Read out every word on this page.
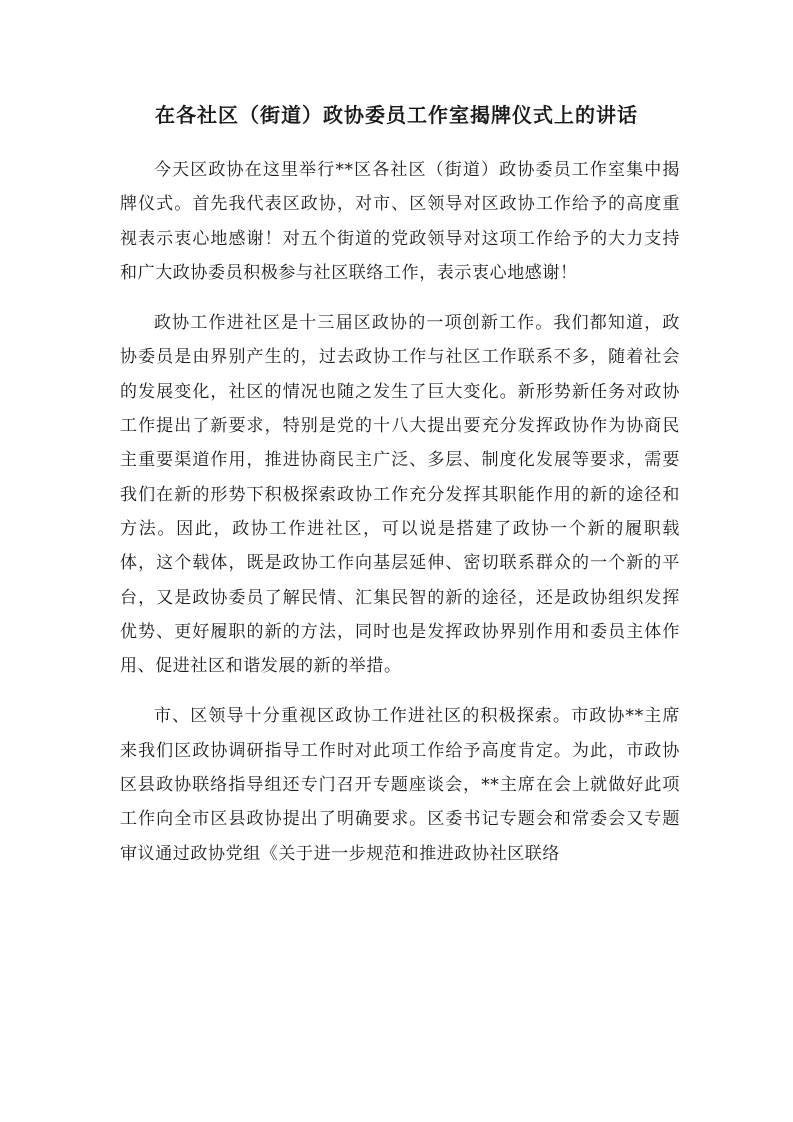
在各社区（街道）政协委员工作室揭牌仪式上的讲话

今天区政协在这里举行**区各社区（街道）政协委员工作室集中揭牌仪式。首先我代表区政协，对市、区领导对区政协工作给予的高度重视表示衷心地感谢！对五个街道的党政领导对这项工作给予的大力支持和广大政协委员积极参与社区联络工作，表示衷心地感谢！

政协工作进社区是十三届区政协的一项创新工作。我们都知道，政协委员是由界别产生的，过去政协工作与社区工作联系不多，随着社会的发展变化，社区的情况也随之发生了巨大变化。新形势新任务对政协工作提出了新要求，特别是党的十八大提出要充分发挥政协作为协商民主重要渠道作用，推进协商民主广泛、多层、制度化发展等要求，需要我们在新的形势下积极探索政协工作充分发挥其职能作用的新的途径和方法。因此，政协工作进社区，可以说是搭建了政协一个新的履职载体，这个载体，既是政协工作向基层延伸、密切联系群众的一个新的平台，又是政协委员了解民情、汇集民智的新的途径，还是政协组织发挥优势、更好履职的新的方法，同时也是发挥政协界别作用和委员主体作用、促进社区和谐发展的新的举措。

市、区领导十分重视区政协工作进社区的积极探索。市政协**主席来我们区政协调研指导工作时对此项工作给予高度肯定。为此，市政协区县政协联络指导组还专门召开专题座谈会，**主席在会上就做好此项工作向全市区县政协提出了明确要求。区委书记专题会和常委会又专题审议通过政协党组《关于进一步规范和推进政协社区联络
